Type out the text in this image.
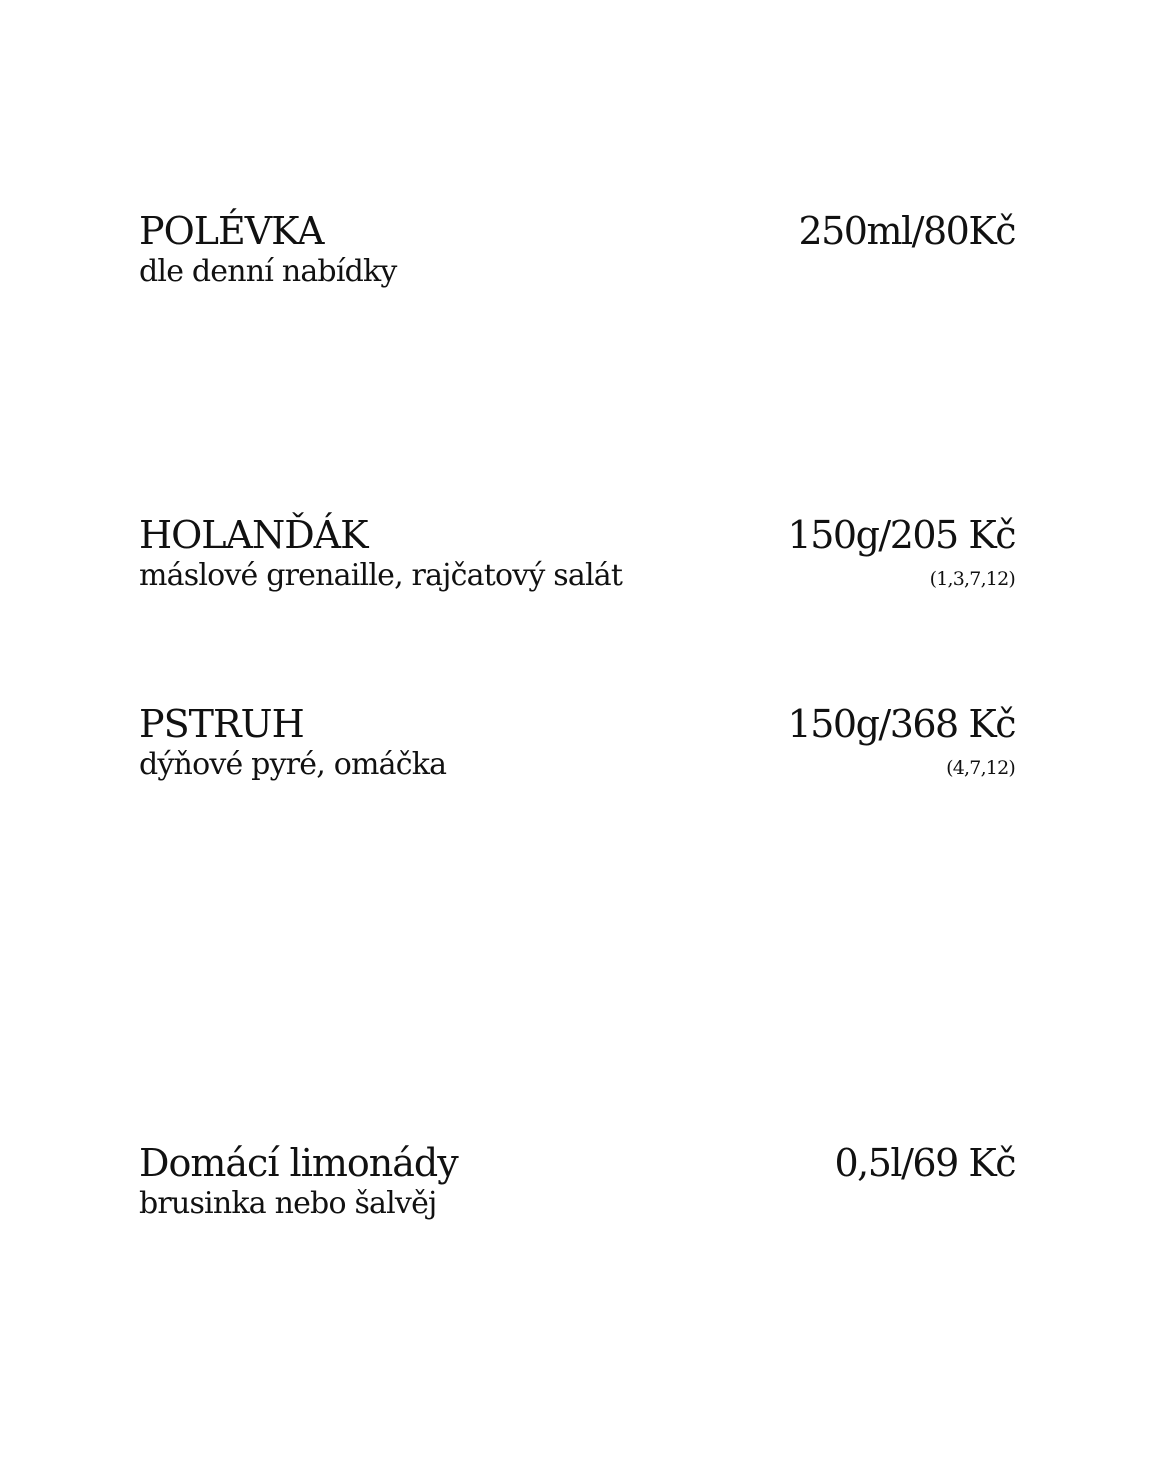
POLÉVKA	250ml/80Kč
dle denní nabídky
HOLANĎÁK	150g/205 Kč
máslové grenaille, rajčatový salát	(1,3,7,12)
PSTRUH	150g/368 Kč
dýňové pyré, omáčka	(4,7,12)
Domácí limonády	0,5l/69 Kč
brusinka nebo šalvěj
